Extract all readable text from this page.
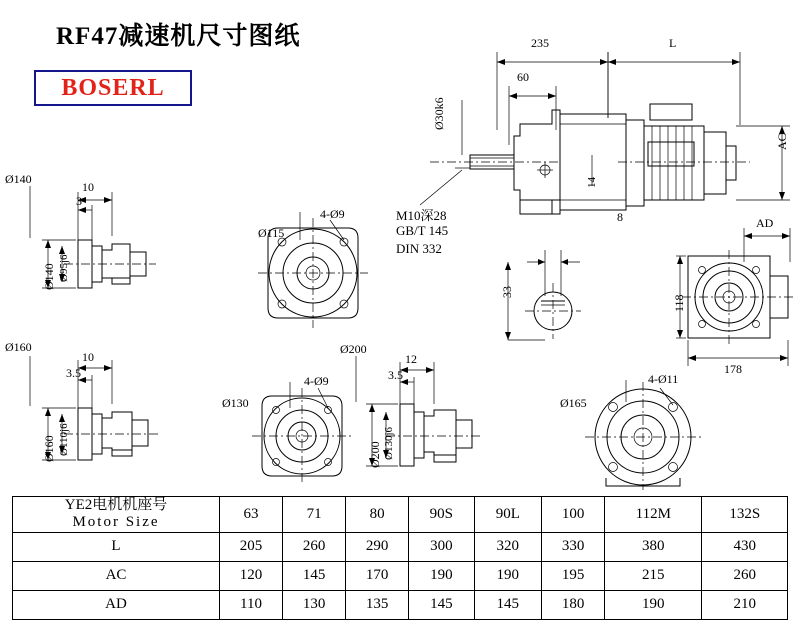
RF47减速机尺寸图纸
BOSERL
235	L
60
Ø30k6
AC
AD
14
M10深28
GB/T 145
DIN 332
8
33
118
178
Ø140
10
3
Ø140 Ø95j6
Ø115
4-Ø9
Ø160
10
3.5
Ø160 Ø110j6
Ø130
4-Ø9
Ø200
12
3.5
Ø200 Ø130j6
Ø165
4-Ø11
YE2电机机座号
Motor Size	63	71	80	90S	90L	100	112M	132S
L	205	260	290	300	320	330	380	430
AC	120	145	170	190	190	195	215	260
AD	110	130	135	145	145	180	190	210
